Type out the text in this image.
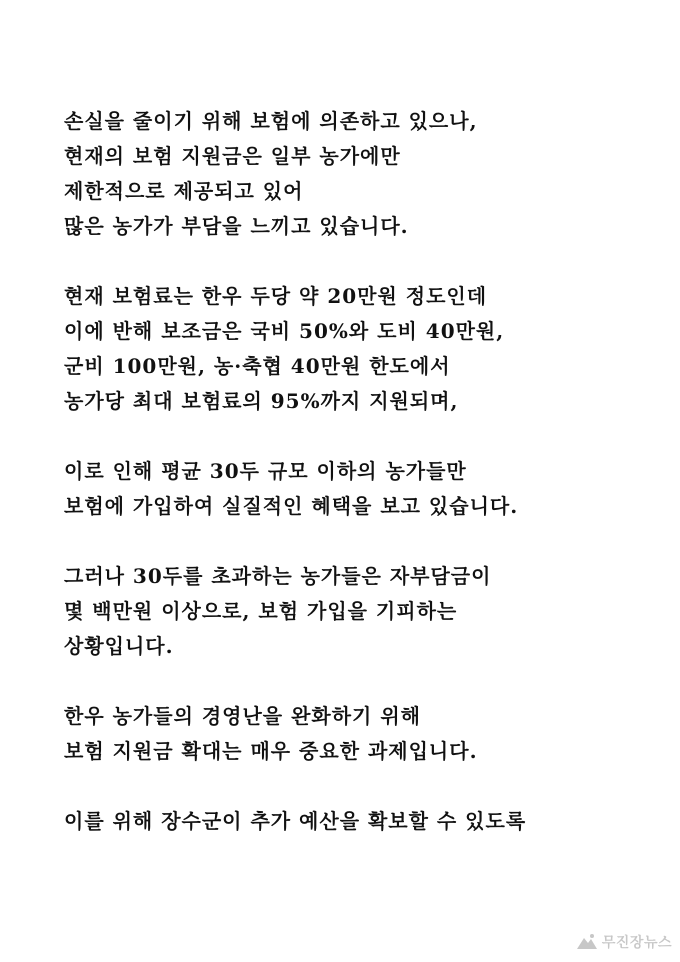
손실을 줄이기 위해 보험에 의존하고 있으나,
현재의 보험 지원금은 일부 농가에만
제한적으로 제공되고 있어
많은 농가가 부담을 느끼고 있습니다.
현재 보험료는 한우 두당 약 20만원 정도인데
이에 반해 보조금은 국비 50%와 도비 40만원,
군비 100만원, 농·축협 40만원 한도에서
농가당 최대 보험료의 95%까지 지원되며,
이로 인해 평균 30두 규모 이하의 농가들만
보험에 가입하여 실질적인 혜택을 보고 있습니다.
그러나 30두를 초과하는 농가들은 자부담금이
몇 백만원 이상으로, 보험 가입을 기피하는
상황입니다.
한우 농가들의 경영난을 완화하기 위해
보험 지원금 확대는 매우 중요한 과제입니다.
이를 위해 장수군이 추가 예산을 확보할 수 있도록
무진장뉴스
